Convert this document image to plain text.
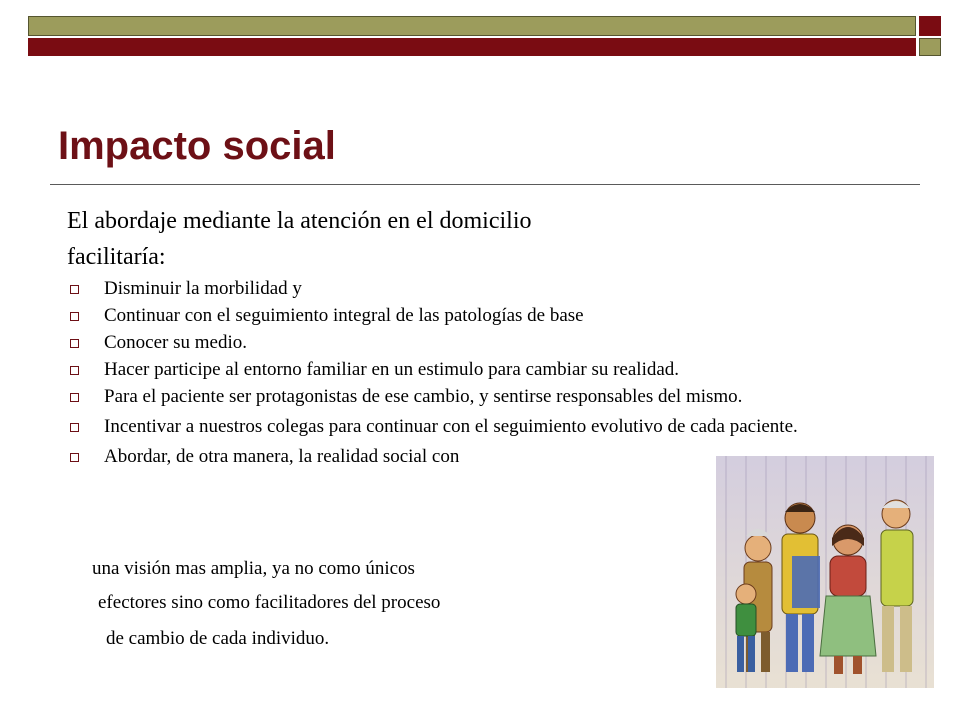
Impacto social
El abordaje mediante la atención en el domicilio
facilitaría:
Disminuir la morbilidad y
Continuar con el seguimiento integral de las patologías de base
Conocer su medio.
Hacer participe al entorno familiar en un estimulo para cambiar su realidad.
Para el paciente ser protagonistas de ese cambio, y sentirse responsables del mismo.
Incentivar a nuestros colegas para continuar con el seguimiento evolutivo de cada paciente.
Abordar, de otra manera, la realidad social con
una visión mas amplia, ya no como únicos
efectores sino como facilitadores del proceso
de cambio de cada individuo.
